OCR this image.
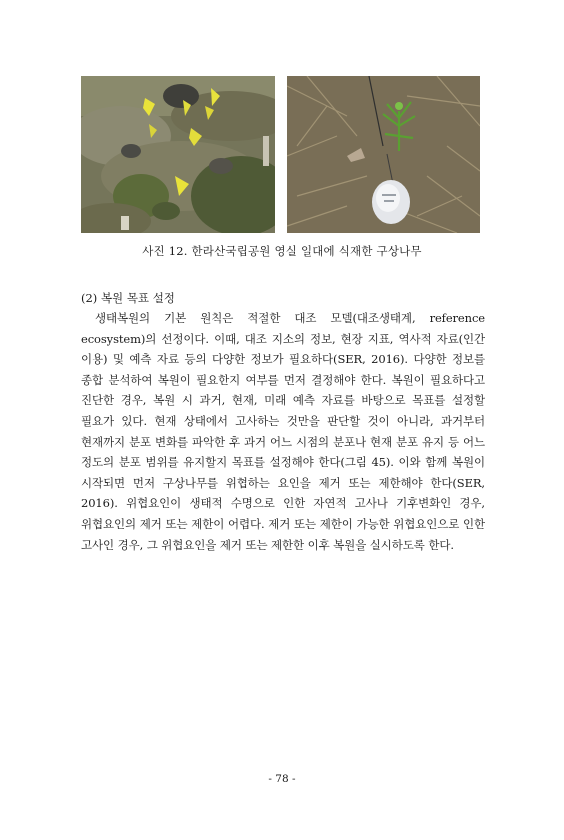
사진 12. 한라산국립공원 영실 일대에 식재한 구상나무
(2) 복원 목표 설정

생태복원의 기본 원칙은 적절한 대조 모델(대조생태계, reference ecosystem)의 선정이다. 이때, 대조 지소의 정보, 현장 지표, 역사적 자료(인간 이용) 및 예측 자료 등의 다양한 정보가 필요하다(SER, 2016). 다양한 정보를 종합 분석하여 복원이 필요한지 여부를 먼저 결정해야 한다. 복원이 필요하다고 진단한 경우, 복원 시 과거, 현재, 미래 예측 자료를 바탕으로 목표를 설정할 필요가 있다. 현재 상태에서 고사하는 것만을 판단할 것이 아니라, 과거부터 현재까지 분포 변화를 파악한 후 과거 어느 시점의 분포나 현재 분포 유지 등 어느 정도의 분포 범위를 유지할지 목표를 설정해야 한다(그림 45). 이와 함께 복원이 시작되면 먼저 구상나무를 위협하는 요인을 제거 또는 제한해야 한다(SER, 2016). 위협요인이 생태적 수명으로 인한 자연적 고사나 기후변화인 경우, 위협요인의 제거 또는 제한이 어렵다. 제거 또는 제한이 가능한 위협요인으로 인한 고사인 경우, 그 위협요인을 제거 또는 제한한 이후 복원을 실시하도록 한다.

- 78 -
